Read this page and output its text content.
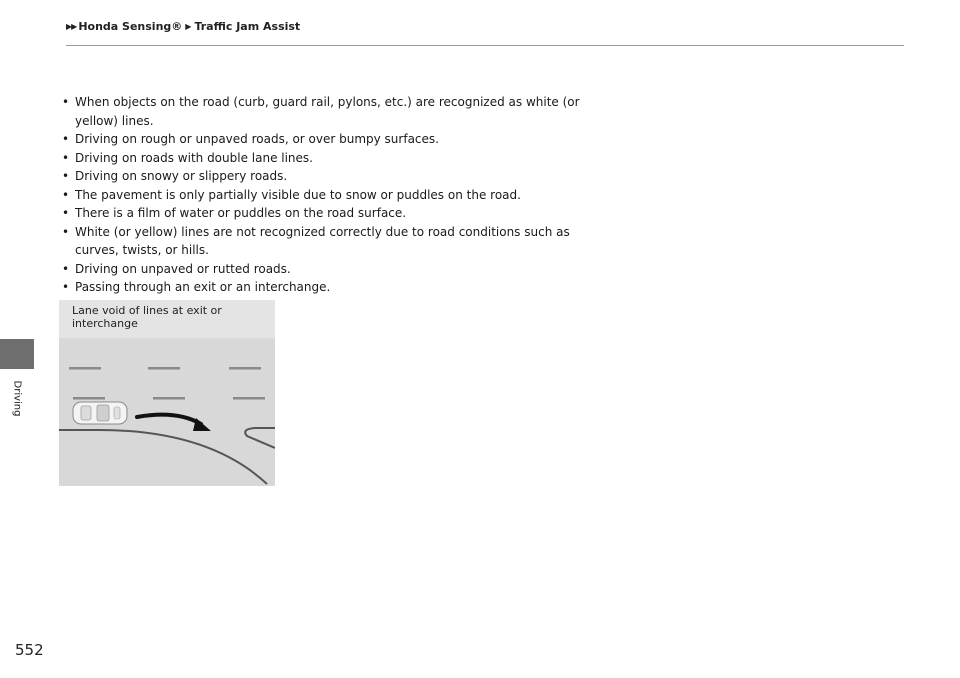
▶▶ Honda Sensing® ▶ Traffic Jam Assist
Driving
• When objects on the road (curb, guard rail, pylons, etc.) are recognized as white (or yellow) lines.
• Driving on rough or unpaved roads, or over bumpy surfaces.
• Driving on roads with double lane lines.
• Driving on snowy or slippery roads.
• The pavement is only partially visible due to snow or puddles on the road.
• There is a film of water or puddles on the road surface.
• White (or yellow) lines are not recognized correctly due to road conditions such as curves, twists, or hills.
• Driving on unpaved or rutted roads.
• Passing through an exit or an interchange.
Lane void of lines at exit or interchange
552
